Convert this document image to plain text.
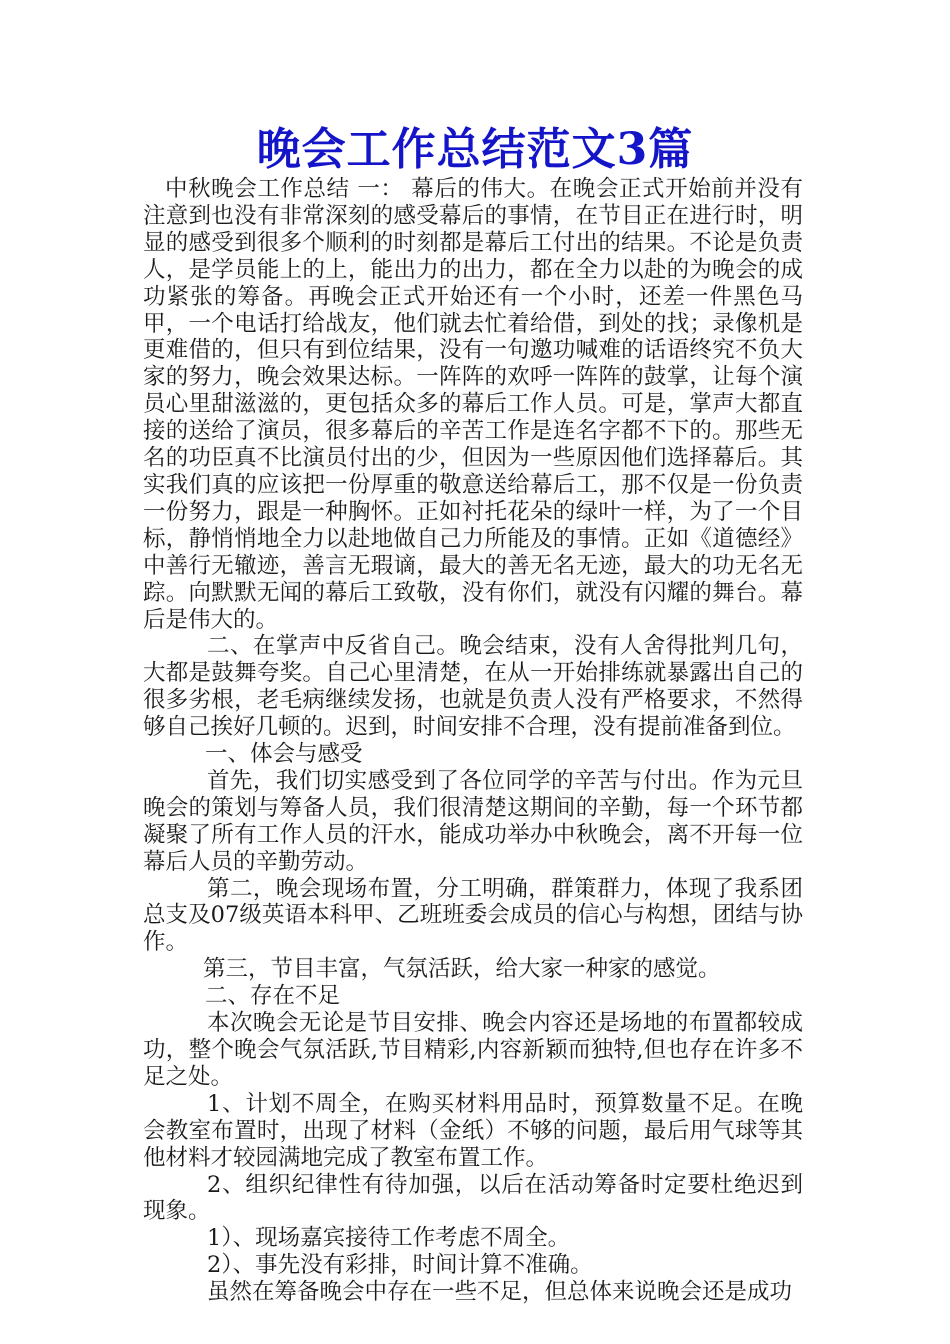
晚会工作总结范文3篇

中秋晚会工作总结 一： 幕后的伟大。在晚会正式开始前并没有注意到也没有非常深刻的感受幕后的事情，在节目正在进行时，明显的感受到很多个顺利的时刻都是幕后工付出的结果。不论是负责人，是学员能上的上，能出力的出力，都在全力以赴的为晚会的成功紧张的筹备。再晚会正式开始还有一个小时，还差一件黑色马甲，一个电话打给战友，他们就去忙着给借，到处的找；录像机是更难借的，但只有到位结果，没有一句邀功喊难的话语终究不负大家的努力，晚会效果达标。一阵阵的欢呼一阵阵的鼓掌，让每个演员心里甜滋滋的，更包括众多的幕后工作人员。可是，掌声大都直接的送给了演员，很多幕后的辛苦工作是连名字都不下的。那些无名的功臣真不比演员付出的少，但因为一些原因他们选择幕后。其实我们真的应该把一份厚重的敬意送给幕后工，那不仅是一份负责一份努力，跟是一种胸怀。正如衬托花朵的绿叶一样，为了一个目标，静悄悄地全力以赴地做自己力所能及的事情。正如《道德经》中善行无辙迹，善言无瑕谪，最大的善无名无迹，最大的功无名无踪。向默默无闻的幕后工致敬，没有你们，就没有闪耀的舞台。幕后是伟大的。

二、在掌声中反省自己。晚会结束，没有人舍得批判几句，大都是鼓舞夸奖。自己心里清楚，在从一开始排练就暴露出自己的很多劣根，老毛病继续发扬，也就是负责人没有严格要求，不然得够自己挨好几顿的。迟到，时间安排不合理，没有提前准备到位。

一、体会与感受

首先，我们切实感受到了各位同学的辛苦与付出。作为元旦晚会的策划与筹备人员，我们很清楚这期间的辛勤，每一个环节都凝聚了所有工作人员的汗水，能成功举办中秋晚会，离不开每一位幕后人员的辛勤劳动。

第二，晚会现场布置，分工明确，群策群力，体现了我系团总支及07级英语本科甲、乙班班委会成员的信心与构想，团结与协作。

第三，节目丰富，气氛活跃，给大家一种家的感觉。

二、存在不足

本次晚会无论是节目安排、晚会内容还是场地的布置都较成功，整个晚会气氛活跃,节目精彩,内容新颖而独特,但也存在许多不足之处。

1、计划不周全，在购买材料用品时，预算数量不足。在晚会教室布置时，出现了材料（金纸）不够的问题，最后用气球等其他材料才较园满地完成了教室布置工作。

2、组织纪律性有待加强，以后在活动筹备时定要杜绝迟到现象。

1）、现场嘉宾接待工作考虑不周全。

2）、事先没有彩排，时间计算不准确。

虽然在筹备晚会中存在一些不足，但总体来说晚会还是成功
